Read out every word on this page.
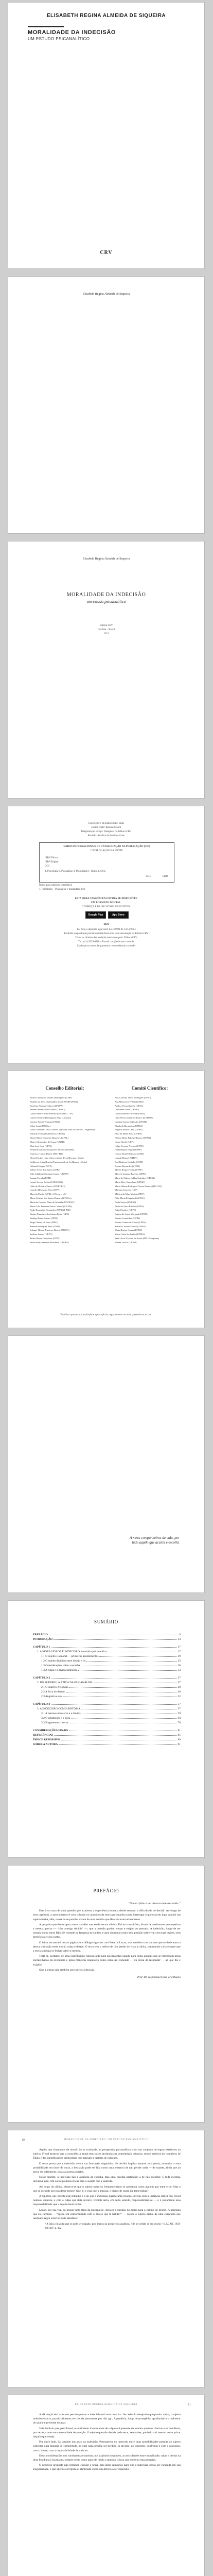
ELISABETH REGINA ALMEIDA DE SIQUEIRA
MORALIDADE DA INDECISÃO
UM ESTUDO PSICANALÍTICO
CRV
Elisabeth Regina Almeida de Siqueira
Elisabeth Regina Almeida de Siqueira
MORALIDADE DA INDECISÃO
um estudo psicanalítico
Editora CRV
Curitiba – Brasil
2021
Copyright © da Editora CRV Ltda.
Editor-chefe: Railson Moura
Diagramação e Capa: Designers da Editora CRV
Revisão: Analista de Escrita e Artes
DADOS INTERNACIONAIS DE CATALOGAÇÃO NA PUBLICAÇÃO (CIP)
CATALOGAÇÃO NA FONTE
ISBN Físico
ISBN Digital
DOI
1. Psicologia 2. Psicanálise 3. Moralidade I. Título II. Série
CDU	CDD
Índice para catálogo sistemático
1. Psicologia – Psicanálise e moralidade 150
ESTA OBRA TAMBÉM ENCONTRA-SE DISPONÍVEL
EM FORMATO DIGITAL.
CONHEÇA E BAIXE NOSSO APLICATIVO!
Google Play	App Store
2021
Foi feito o depósito legal conf. Lei 10.994 de 14/12/2004
Proibida a reprodução parcial ou total desta obra sem autorização da Editora CRV
Todos os direitos desta edição reservados pela: Editora CRV
Tel.: (41) 3039-6418 – E-mail: sac@editoracrv.com.br
Conheça os nossos lançamentos: www.editoracrv.com.br
Conselho Editorial:	Comitê Científico:
Aldira Guimarães Duarte Domínguez (UNB)
Andréia da Silva Quintanilha Sousa (UNIR/UFRN)
Anselmo Alencar Colares (UFOPA)
Antônio Pereira Gaio Júnior (UFRRJ)
Carlos Alberto Vilar Estêvão (UMINHO – PT)
Carlos Federico Dominguez Avila (Unieuro)
Carmen Tereza Velanga (UNIR)
Celso Conti (UFSCar)
Cesar Gerónimo Tello (Univer. Nacional Três de Febrero – Argentina)
Eduardo Fernandes Barbosa (UFMG)
Elione Maria Nogueira Diogenes (UFAL)
Elizeu Clementino de Souza (UNEB)
Élsio José Corá (UFFS)
Fernando Antônio Gonçalves Alcoforado (IPB)
Francisco Carlos Duarte (PUC-PR)
Gloria Fariñas León (Universidade de La Havana – Cuba)
Guillermo Arias Beatón (Universidade de La Havana – Cuba)
Helmuth Krüger (UCP)
Jailson Alves dos Santos (UFRJ)
João Adalberto Campato Junior (UNESP)
Josania Portela (UFPI)
Leonel Severo Rocha (UNISINOS)
Lídia de Oliveira Xavier (UNIEURO)
Lourdes Helena da Silva (UFV)
Marcelo Paixão (UFRJ e UTexas – US)
Maria Cristina dos Santos Bezerra (UFSCar)
Maria de Lourdes Pinto de Almeida (UNOESC)
Maria Lília Imbiriba Sousa Colares (UFOPA)
Paulo Romualdo Hernandes (UNIFAL-MG)
Renato Francisco dos Santos Paula (UFG)
Rodrigo Pratte-Santos (UFES)
Sérgio Nunes de Jesus (IFRO)
Simone Rodrigues Pinto (UNB)
Solange Helena Ximenes-Rocha (UFOPA)
Sydione Santos (UEPG)
Tadeu Oliver Gonçalves (UFPA)
Tania Suely Azevedo Brasileiro (UFOPA)
Ana Carolina Vieira Rodrigues (UFRJ)
Ana Maria Jacó-Vilela (UERJ)
Andrea Vieira Zanella (UFSC)
Christiane Lessa (UFMG)
Carlos Roberto Oliveira (UFRJ)
Célia Silva Guimarães Barros (UNIFOR)
Cristina Soares Dalmolin (UFSM)
Elizabeth Hernandes (UFMA)
Eugênia Moura Leite (UFPA)
Elisa de Mello Rosa (UFRN)
Fátima Maria Palomo Raposo (UFRN)
Graça Hoefel (UFF)
Helga Ferreira Novaes (UFPE)
Hilda Raquel Frigeri (UFPE)
Hector Daniel Belluzzo (UNB)
Iolanda Mussel (UFRN)
José Barbosa Godinho (UFRJ)
Josiane Bernardes (UFRN)
Marisa Roque Freitas (UFPE)
Marcelo Santana Ferreira (UFRJ)
Maria de Fátima Caldas Sobrinho (UFMG)
Maria Alice Gonçalves (UFMG)
Maria Helena Rodrigues Navas Zamora (PUC-RJ)
Mariana Loureiro (USP)
Mônica da Silva Martins (FBV)
Nilia Maria Pelegrinelli (UFAC)
Paula Sisson (UNESP)
Paulo de Tarso Ribeiro (UFPA)
Rafael Simões (UFPE)
Regina de Souza Wiegand (UFRN)
Renata Leopoldino (UFRJ)
Rosane Gomes de Abreu (UFPA)
Silvana Cristina Vianna (UFMG)
Sônia Regina Cunha (UFRN)
Vânia Lúcia de Araújo (UFMA)
Vera Lúcia Trevisan de Souza (PUC-Campinas)
Wanda Leticia (UFSM)
Este livro passou por avaliação e aprovação às cegas de dois ou mais pareceristas ad hoc.
A meus companheiros de vida, por
tudo aquilo que aceitei e escolhi.
SUMÁRIO
PREFÁCIO	9
INTRODUÇÃO	13
CAPÍTULO 1	17
1. A MORALIDADE E INDECISÃO: o cenário psicanalítico	17
1.1 O sujeito e a moral — primeiros apontamentos	19
1.2 O sujeito dividido entre desejo e lei	23
1.3 Considerações sobre a escolha	28
1.4 A culpa e a dívida simbólica	33
CAPÍTULO 2	37
2. DO SUPEREU À ÉTICA DA PSICANÁLISE	37
2.1 O supereu freudiano	40
2.2 A ética do desejo	46
2.3 Angústia e ato	52
CAPÍTULO 3	57
3. A INDECISÃO COMO SINTOMA	57
3.1 A neurose obsessiva e a dúvida	59
3.2 O adiamento e o gozo	64
3.3 Fragmentos clínicos	70
CONSIDERAÇÕES FINAIS	81
REFERÊNCIAS	85
ÍNDICE REMISSIVO	89
SOBRE A AUTORA	91
PREFÁCIO

“Um ato falho é um discurso bem-sucedido.”

Este livro trata de uma questão que atravessa a experiência humana desde sempre: a dificuldade de decidir. Ao longo de seus capítulos, a autora percorre com cuidado os caminhos da teoria psicanalítica para interrogar o que está em jogo quando um sujeito hesita, adia, recua ou se paralisa diante de uma escolha que lhe concerne intimamente.

A pesquisa que deu origem a este trabalho nasceu da escuta clínica. Foi no consultório, diante de analisantes que repetiam a mesma queixa — “não consigo decidir” —, que a questão ganhou corpo e exigiu ser pensada. A indecisão, longe de ser tomada como mera falha de vontade ou fraqueza de caráter, é aqui abordada como uma posição subjetiva, com suas razões, seus benefícios e seus custos.

O leitor encontrará nestas páginas um diálogo rigoroso com Freud e Lacan, mas também com autores que se dedicaram a pensar a relação entre moral, culpa e desejo. O texto tem o mérito de não perder de vista a clínica, retornando a ela sempre que a teoria ameaça se fechar sobre si mesma.

Trata-se, portanto, de uma contribuição valiosa tanto para psicanalistas quanto para todos aqueles que se interessam pelas encruzilhadas da existência e pelas maneiras singulares como cada um responde — ou deixa de responder — ao que lhe é exigido.

Que a leitura seja também um convite à decisão.

Prof. Dr. responsável pela orientação

10	MORALIDADE DA INDECISÃO: UM ESTUDO PSICANALÍTICO

Aquilo que chamamos de moral não se confunde, na perspectiva psicanalítica, com um conjunto de regras exteriores ao sujeito. Freud mostrou que a consciência moral tem raízes profundas na constituição psíquica, sendo herdeira do complexo de Édipo e das identificações primordiais que marcam a história de cada um.

É nesse ponto que a indecisão revela sua face mais enigmática. Se decidir implica assumir uma perda, renunciar a uma possibilidade em favor de outra, a hesitação pode ser lida como uma tentativa de não perder nada — de manter, ainda que ao preço do sofrimento, todas as portas abertas.

Nesse sentido, a indecisão não é ausência de escolha, mas uma escolha particular: a de não escolher. E toda escolha, inclusive esta, tem consequências éticas para o sujeito que a sustenta.

Ao longo da clínica, observa-se que o sujeito indeciso frequentemente se apresenta como alguém que teme errar. Mas o que se esconde por trás desse temor? Que lei é essa que o ameaça, e diante de quem ele teme falhar?

A hipótese que orienta este trabalho é a de que a indecisão guarda uma relação estreita com a instância crítica que Freud nomeou supereu, e com a culpa que dela decorre. Decidir seria, em certo sentido, responsabilizar-se — e é justamente essa responsabilidade que o sujeito tenta evitar.

Lacan, por sua vez, ao propor uma ética da psicanálise, desloca a questão da moral para o campo do desejo. A pergunta que ele formula — “agiste em conformidade com o desejo que te habita?” — coloca o sujeito diante de uma exigência que nenhuma regra exterior pode satisfazer.

“A única coisa da qual se pode ser culpado, pelo menos na perspectiva analítica, é de ter cedido de seu desejo.” (LACAN, 1959-60/1997, p. 382)
11
ELISABETH REGINA ALMEIDA DE SIQUEIRA

A afirmação de Lacan nos permite pensar a indecisão sob uma nova luz. Se ceder do desejo é o que produz culpa, o sujeito indeciso estaria, paradoxalmente, em dívida justamente por não agir. A paralisia, longe de protegê-lo, aprofundaria o mal-estar do qual ele pretende escapar.

Vale lembrar que, para Freud, o sentimento inconsciente de culpa está presente em muitos quadros clínicos e se manifesta, por vezes, como uma necessidade de punição. O sujeito que não decide pode estar, sem saber, punindo a si mesmo ao se privar daquilo que deseja.

Por outro lado, há também um gozo na indecisão. Permanecer no intervalo entre duas possibilidades permite ao sujeito sustentar uma fantasia de completude, na qual nada precisa ser perdido. A decisão, ao contrário, confronta-o com a castração, com o limite, com a impossibilidade de tudo ter.

Essas considerações nos conduzem a examinar, nos capítulos seguintes, as articulações entre moralidade, culpa e desejo na obra freudiana e lacaniana, sempre tendo como pano de fundo a questão clínica que motivou esta pesquisa.

O percurso proposto não pretende esgotar o tema, mas abrir caminhos para que a indecisão possa ser escutada em sua singularidade, e não apenas corrigida ou eliminada como um defeito a ser superado.
